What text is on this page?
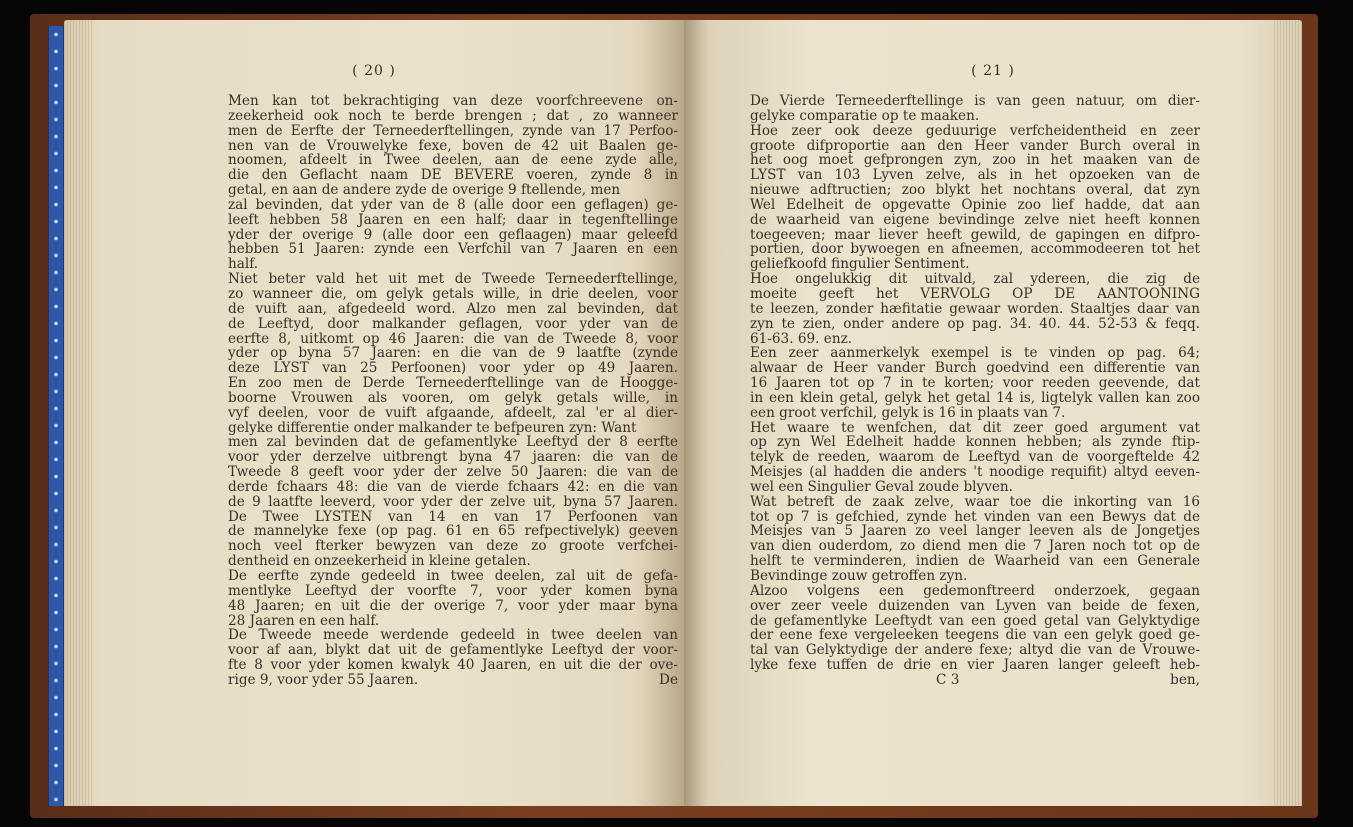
( 20 )
Men kan tot bekrachtiging van deze voorfchreevene on-
zeekerheid ook noch te berde brengen ; dat , zo wanneer
men de Eerfte der Terneederftellingen, zynde van 17 Perfoo-
nen van de Vrouwelyke fexe, boven de 42 uit Baalen ge-
noomen, afdeelt in Twee deelen, aan de eene zyde alle,
die den Geflacht naam DE BEVERE voeren, zynde 8 in
getal, en aan de andere zyde de overige 9 ftellende, men
zal bevinden, dat yder van de 8 (alle door een geflagen) ge-
leeft hebben 58 Jaaren en een half; daar in tegenftellinge
yder der overige 9 (alle door een geflaagen) maar geleefd
hebben 51 Jaaren: zynde een Verfchil van 7 Jaaren en een
half.
Niet beter vald het uit met de Tweede Terneederftellinge,
zo wanneer die, om gelyk getals wille, in drie deelen, voor
de vuift aan, afgedeeld word. Alzo men zal bevinden, dat
de Leeftyd, door malkander geflagen, voor yder van de
eerfte 8, uitkomt op 46 Jaaren: die van de Tweede 8, voor
yder op byna 57 Jaaren: en die van de 9 laatfte (zynde
deze LYST van 25 Perfoonen) voor yder op 49 Jaaren.
En zoo men de Derde Terneederftellinge van de Hoogge-
boorne Vrouwen als vooren, om gelyk getals wille, in
vyf deelen, voor de vuift afgaande, afdeelt, zal 'er al dier-
gelyke differentie onder malkander te befpeuren zyn: Want
men zal bevinden dat de gefamentlyke Leeftyd der 8 eerfte
voor yder derzelve uitbrengt byna 47 jaaren: die van de
Tweede 8 geeft voor yder der zelve 50 Jaaren: die van de
derde fchaars 48: die van de vierde fchaars 42: en die van
de 9 laatfte leeverd, voor yder der zelve uit, byna 57 Jaaren.
De Twee LYSTEN van 14 en van 17 Perfoonen van
de mannelyke fexe (op pag. 61 en 65 refpectivelyk) geeven
noch veel fterker bewyzen van deze zo groote verfchei-
dentheid en onzeekerheid in kleine getalen.
De eerfte zynde gedeeld in twee deelen, zal uit de gefa-
mentlyke Leeftyd der voorfte 7, voor yder komen byna
48 Jaaren; en uit die der overige 7, voor yder maar byna
28 Jaaren en een half.
De Tweede meede werdende gedeeld in twee deelen van
voor af aan, blykt dat uit de gefamentlyke Leeftyd der voor-
fte 8 voor yder komen kwalyk 40 Jaaren, en uit die der ove-
rige 9, voor yder 55 Jaaren.	De
( 21 )
De Vierde Terneederftellinge is van geen natuur, om dier-
gelyke comparatie op te maaken.
Hoe zeer ook deeze geduurige verfcheidentheid en zeer
groote difproportie aan den Heer vander Burch overal in
het oog moet gefprongen zyn, zoo in het maaken van de
LYST van 103 Lyven zelve, als in het opzoeken van de
nieuwe adftructien; zoo blykt het nochtans overal, dat zyn
Wel Edelheit de opgevatte Opinie zoo lief hadde, dat aan
de waarheid van eigene bevindinge zelve niet heeft konnen
toegeeven; maar liever heeft gewild, de gapingen en difpro-
portien, door bywoegen en afneemen, accommodeeren tot het
geliefkoofd fingulier Sentiment.
Hoe ongelukkig dit uitvald, zal ydereen, die zig de
moeite geeft het VERVOLG OP DE AANTOONING
te leezen, zonder hæfitatie gewaar worden. Staaltjes daar van
zyn te zien, onder andere op pag. 34. 40. 44. 52-53 & feqq.
61-63. 69. enz.
Een zeer aanmerkelyk exempel is te vinden op pag. 64;
alwaar de Heer vander Burch goedvind een differentie van
16 Jaaren tot op 7 in te korten; voor reeden geevende, dat
in een klein getal, gelyk het getal 14 is, ligtelyk vallen kan zoo
een groot verfchil, gelyk is 16 in plaats van 7.
Het waare te wenfchen, dat dit zeer goed argument vat
op zyn Wel Edelheit hadde konnen hebben; als zynde ftip-
telyk de reeden, waarom de Leeftyd van de voorgeftelde 42
Meisjes (al hadden die anders 't noodige requifit) altyd eeven-
wel een Singulier Geval zoude blyven.
Wat betreft de zaak zelve, waar toe die inkorting van 16
tot op 7 is gefchied, zynde het vinden van een Bewys dat de
Meisjes van 5 Jaaren zo veel langer leeven als de Jongetjes
van dien ouderdom, zo diend men die 7 Jaren noch tot op de
helft te verminderen, indien de Waarheid van een Generale
Bevindinge zouw getroffen zyn.
Alzoo volgens een gedemonftreerd onderzoek, gegaan
over zeer veele duizenden van Lyven van beide de fexen,
de gefamentlyke Leeftydt van een goed getal van Gelyktydige
der eene fexe vergeleeken teegens die van een gelyk goed ge-
tal van Gelyktydige der andere fexe; altyd die van de Vrouwe-
lyke fexe tuffen de drie en vier Jaaren langer geleeft heb-
C 3	ben,
